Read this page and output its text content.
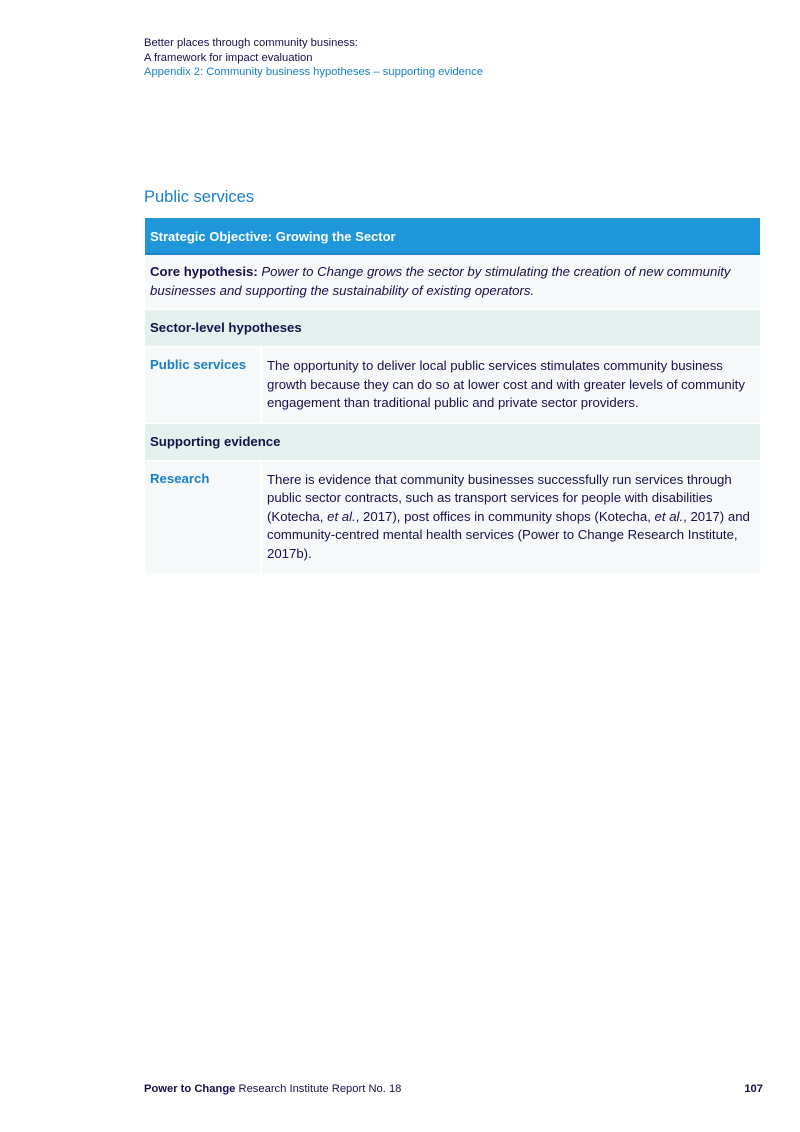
Better places through community business:
A framework for impact evaluation
Appendix 2: Community business hypotheses – supporting evidence
Public services
Strategic Objective: Growing the Sector
Core hypothesis: Power to Change grows the sector by stimulating the creation of new community businesses and supporting the sustainability of existing operators.
Sector-level hypotheses
Public services	The opportunity to deliver local public services stimulates community business growth because they can do so at lower cost and with greater levels of community engagement than traditional public and private sector providers.
Supporting evidence
Research	There is evidence that community businesses successfully run services through public sector contracts, such as transport services for people with disabilities (Kotecha, et al., 2017), post offices in community shops (Kotecha, et al., 2017) and community-centred mental health services (Power to Change Research Institute, 2017b).
Power to Change Research Institute Report No. 18	107
